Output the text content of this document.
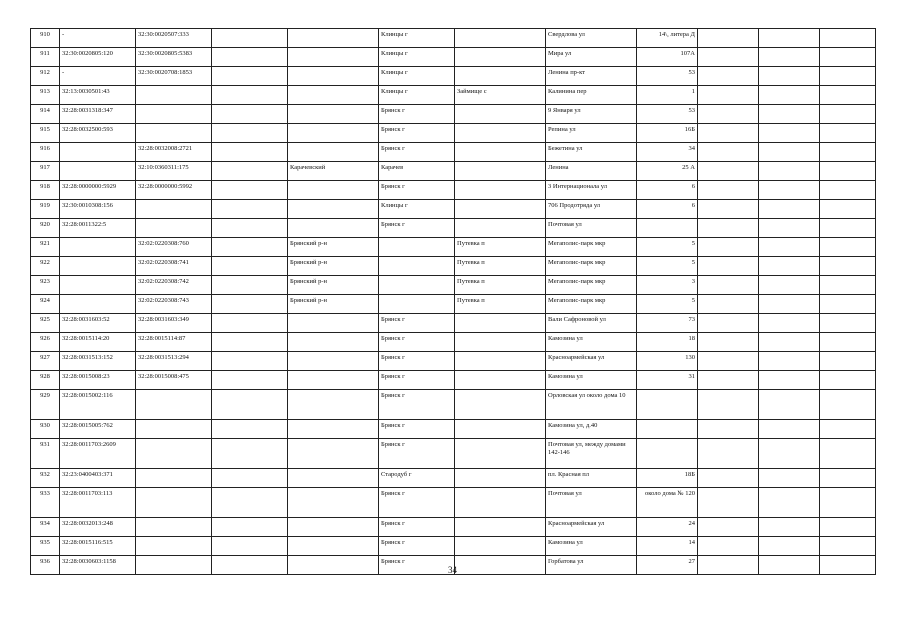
910	-	32:30:0020507:333			Клинцы г		Свердлова ул	14\, литера Д			
911	32:30:0020805:120	32:30:0020805:5383			Клинцы г		Мира ул	107А			
912	-	32:30:0020708:1853			Клинцы г		Ленина пр-кт	53			
913	32:13:0030501:43				Клинцы г	Займище с	Калинина пер	1			
914	32:28:0031318:347				Брянск г		9 Января ул	53			
915	32:28:0032500:593				Брянск г		Репина ул	16Б			
916		32:28:0032008:2721			Брянск г		Бежетина ул	34			
917		32:10:0360311:175		Карачевский	Карачев		Ленина	25 А			
918	32:28:0000000:5929	32:28:0000000:5992			Брянск г		3 Интернационала ул	6			
919	32:30:0010308:156				Клинцы г		706 Продотряда ул	6			
920	32:28:0011322:5				Брянск г		Почтовая ул				
921		32:02:0220308:760		Брянский р-н		Путевка п	Мегаполис-парк мкр	5			
922		32:02:0220308:741		Брянский р-н		Путевка п	Мегаполис-парк мкр	5			
923		32:02:0220308:742		Брянский р-н		Путевка п	Мегаполис-парк мкр	3			
924		32:02:0220308:743		Брянский р-н		Путевка п	Мегаполис-парк мкр	5			
925	32:28:0031603:52	32:28:0031603:349			Брянск г		Вали Сафроновой ул	73			
926	32:28:0015114:20	32:28:0015114:87			Брянск г		Камозина ул	18			
927	32:28:0031513:152	32:28:0031513:294			Брянск г		Красноармейская ул	130			
928	32:28:0015008:23	32:28:0015008:475			Брянск г		Камозина ул	31			
929	32:28:0015002:116				Брянск г		Орловская ул около дома 10				
930	32:28:0015005:762				Брянск г		Камозина ул, д.40				
931	32:28:0011703:2609				Брянск г		Почтовая ул, между домами 142-146				
932	32:23:0400403:371				Стародуб г		пл. Красная пл	18Б			
933	32:28:0011703:113				Брянск г		Почтовая ул	около дома № 120			
934	32:28:0032013:248				Брянск г		Красноармейская ул	24			
935	32:28:0015116:515				Брянск г		Камозина ул	14			
936	32:28:0030603:1158				Брянск г		Горбатова ул	27			
34
